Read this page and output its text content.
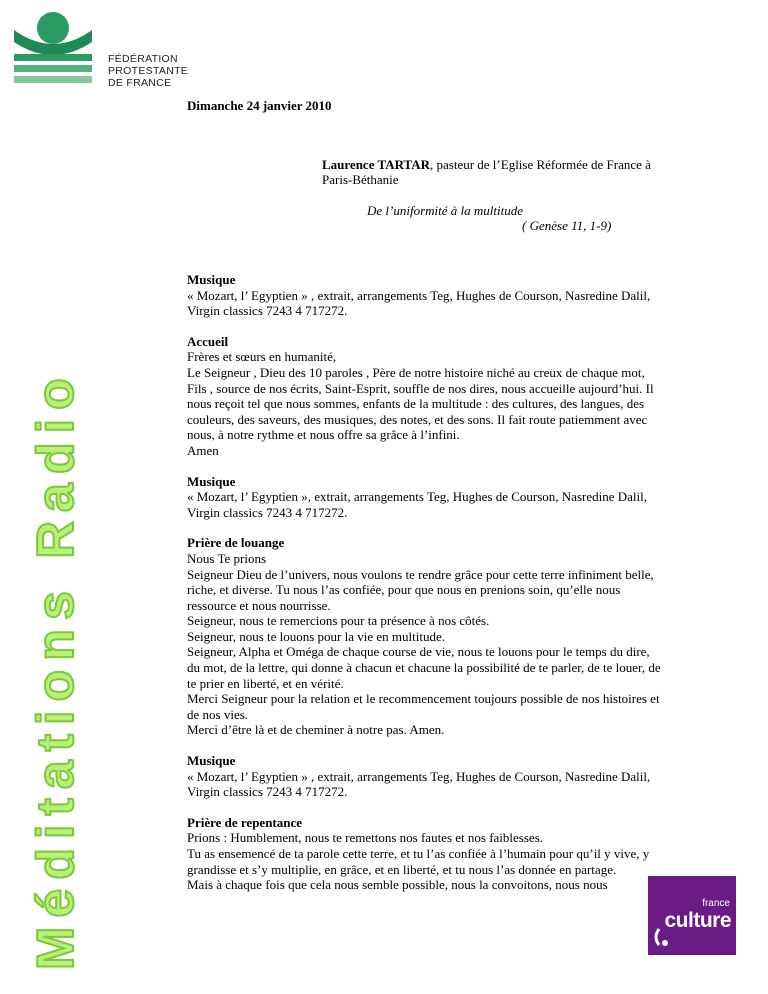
FÉDÉRATION
PROTESTANTE
DE FRANCE
Méditations Radio
Dimanche 24 janvier 2010
Laurence TARTAR, pasteur de l’Eglise Réformée de France à
Paris-Béthanie
De l’uniformité à la multitude
( Genèse 11, 1-9)
Musique
« Mozart, l’ Egyptien » , extrait, arrangements Teg, Hughes de Courson, Nasredine Dalil,
Virgin classics 7243 4 717272.
Accueil
Frères et sœurs en humanité,
Le Seigneur , Dieu des 10 paroles , Père de notre histoire niché au creux de chaque mot,
Fils , source de nos écrits, Saint-Esprit, souffle de nos dires, nous accueille aujourd’hui. Il
nous reçoit tel que nous sommes, enfants de la multitude : des cultures, des langues, des
couleurs, des saveurs, des musiques, des notes, et des sons. Il fait route patiemment avec
nous, à notre rythme et nous offre sa grâce à l’infini.
Amen
Musique
« Mozart, l’ Egyptien », extrait, arrangements Teg, Hughes de Courson, Nasredine Dalil,
Virgin classics 7243 4 717272.
Prière de louange
Nous Te prions
Seigneur Dieu de l’univers, nous voulons te rendre grâce pour cette terre infiniment belle,
riche, et diverse. Tu nous l’as confiée, pour que nous en prenions soin, qu’elle nous
ressource et nous nourrisse.
Seigneur, nous te remercions pour ta présence à nos côtés.
Seigneur, nous te louons pour la vie en multitude.
Seigneur, Alpha et Oméga de chaque course de vie, nous te louons pour le temps du dire,
du mot, de la lettre, qui donne à chacun et chacune la possibilité de te parler, de te louer, de
te prier en liberté, et en vérité.
Merci Seigneur pour la relation et le recommencement toujours possible de nos histoires et
de nos vies.
Merci d’être là et de cheminer à notre pas. Amen.
Musique
« Mozart, l’ Egyptien » , extrait, arrangements Teg, Hughes de Courson, Nasredine Dalil,
Virgin classics 7243 4 717272.
Prière de repentance
Prions : Humblement, nous te remettons nos fautes et nos faiblesses.
Tu as ensemencé de ta parole cette terre, et tu l’as confiée à l’humain pour qu’il y vive, y
grandisse et s’y multiplie, en grâce, et en liberté, et tu nous l’as donnée en partage.
Mais à chaque fois que cela nous semble possible, nous la convoitons, nous nous
france
culture
